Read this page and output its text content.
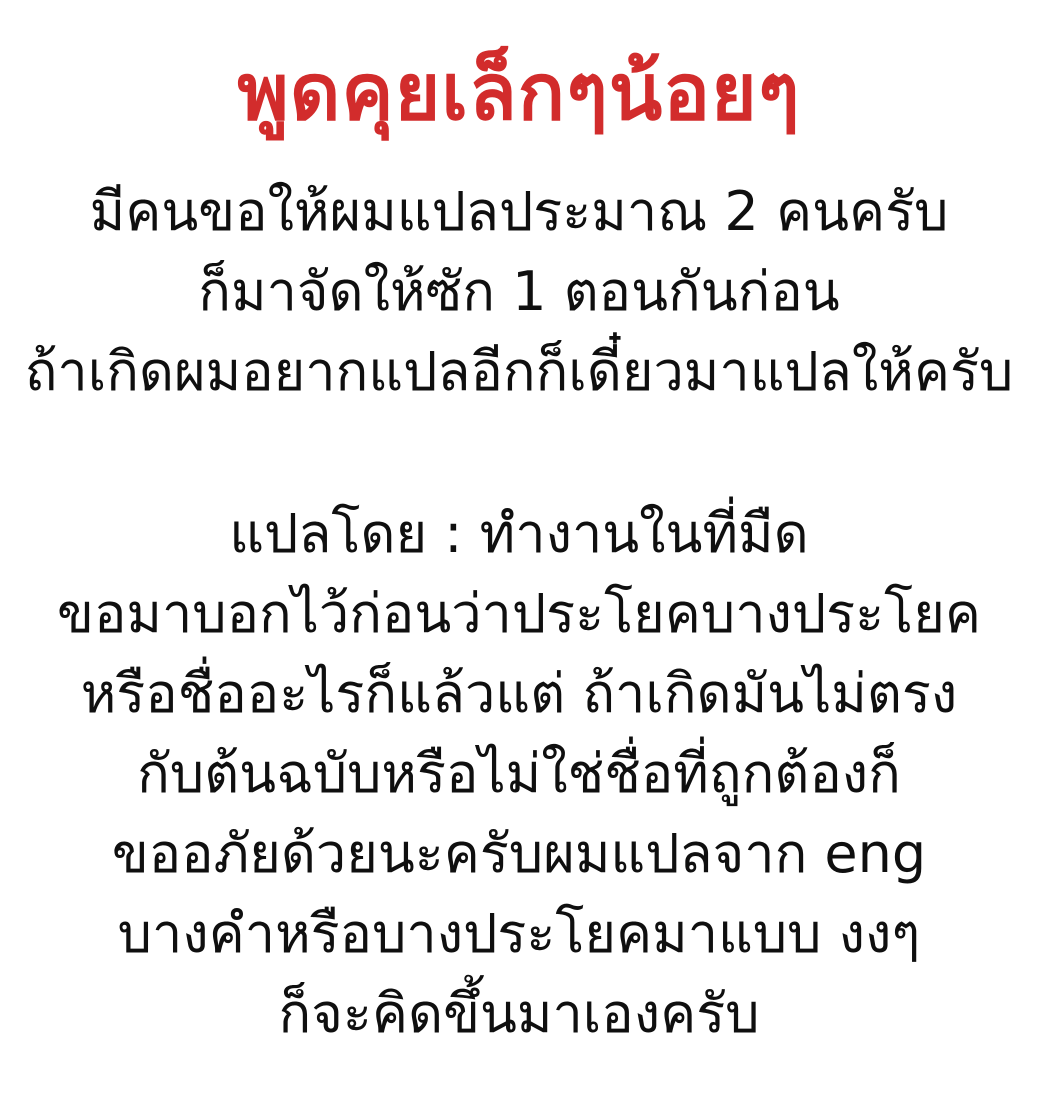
พูดคุยเล็กๆน้อยๆ

มีคนขอให้ผมแปลประมาณ 2 คนครับ

ก็มาจัดให้ซัก 1 ตอนกันก่อน

ถ้าเกิดผมอยากแปลอีกก็เดี๋ยวมาแปลให้ครับ

แปลโดย : ทำงานในที่มืด

ขอมาบอกไว้ก่อนว่าประโยคบางประโยค

หรือชื่ออะไรก็แล้วแต่ ถ้าเกิดมันไม่ตรง

กับต้นฉบับหรือไม่ใช่ชื่อที่ถูกต้องก็

ขออภัยด้วยนะครับผมแปลจาก eng

บางคำหรือบางประโยคมาแบบ งงๆ

ก็จะคิดขึ้นมาเองครับ
